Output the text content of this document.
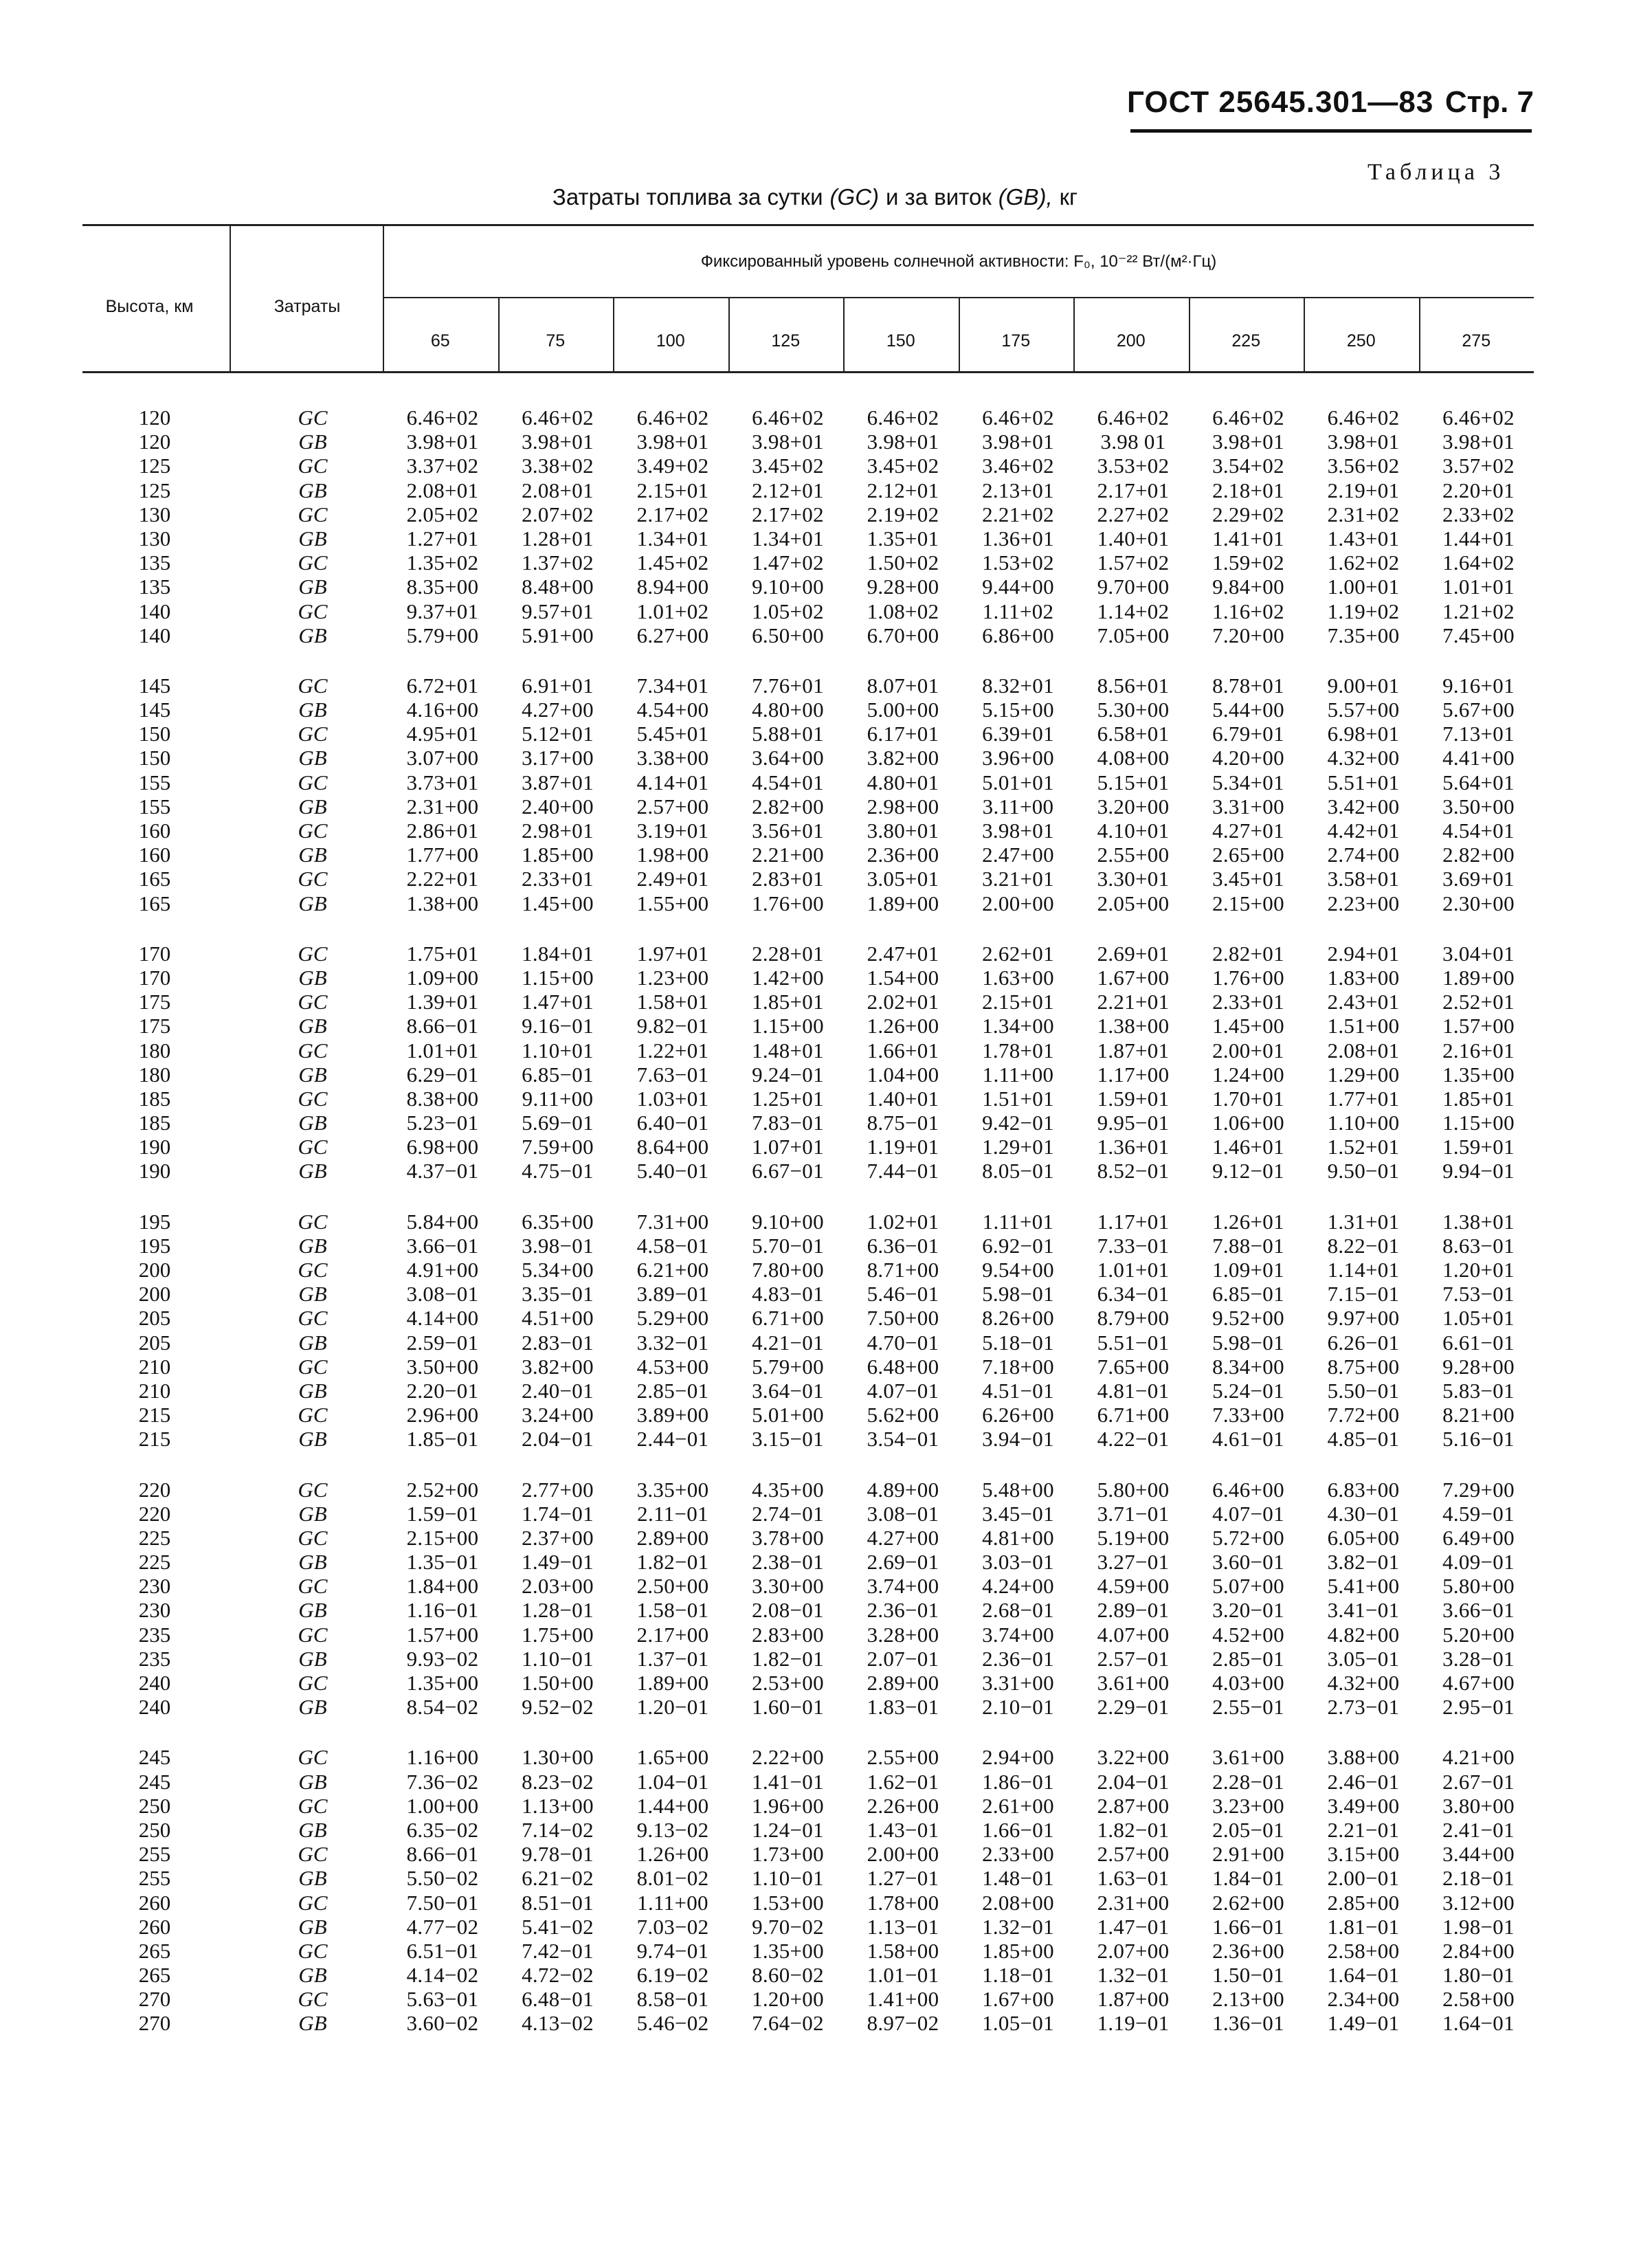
ГОСТ 25645.301—83 Стр. 7
Таблица 3
Затраты топлива за сутки (GC) и за виток (GB), кг
Высота, км	Затраты
Фиксированный уровень солнечной активности: F₀, 10⁻²² Вт/(м²·Гц)
65	75	100	125	150	175	200	225	250	275
120	GC	6.46+02	6.46+02	6.46+02	6.46+02	6.46+02	6.46+02	6.46+02	6.46+02	6.46+02	6.46+02
120	GB	3.98+01	3.98+01	3.98+01	3.98+01	3.98+01	3.98+01	3.98 01	3.98+01	3.98+01	3.98+01
125	GC	3.37+02	3.38+02	3.49+02	3.45+02	3.45+02	3.46+02	3.53+02	3.54+02	3.56+02	3.57+02
125	GB	2.08+01	2.08+01	2.15+01	2.12+01	2.12+01	2.13+01	2.17+01	2.18+01	2.19+01	2.20+01
130	GC	2.05+02	2.07+02	2.17+02	2.17+02	2.19+02	2.21+02	2.27+02	2.29+02	2.31+02	2.33+02
130	GB	1.27+01	1.28+01	1.34+01	1.34+01	1.35+01	1.36+01	1.40+01	1.41+01	1.43+01	1.44+01
135	GC	1.35+02	1.37+02	1.45+02	1.47+02	1.50+02	1.53+02	1.57+02	1.59+02	1.62+02	1.64+02
135	GB	8.35+00	8.48+00	8.94+00	9.10+00	9.28+00	9.44+00	9.70+00	9.84+00	1.00+01	1.01+01
140	GC	9.37+01	9.57+01	1.01+02	1.05+02	1.08+02	1.11+02	1.14+02	1.16+02	1.19+02	1.21+02
140	GB	5.79+00	5.91+00	6.27+00	6.50+00	6.70+00	6.86+00	7.05+00	7.20+00	7.35+00	7.45+00
145	GC	6.72+01	6.91+01	7.34+01	7.76+01	8.07+01	8.32+01	8.56+01	8.78+01	9.00+01	9.16+01
145	GB	4.16+00	4.27+00	4.54+00	4.80+00	5.00+00	5.15+00	5.30+00	5.44+00	5.57+00	5.67+00
150	GC	4.95+01	5.12+01	5.45+01	5.88+01	6.17+01	6.39+01	6.58+01	6.79+01	6.98+01	7.13+01
150	GB	3.07+00	3.17+00	3.38+00	3.64+00	3.82+00	3.96+00	4.08+00	4.20+00	4.32+00	4.41+00
155	GC	3.73+01	3.87+01	4.14+01	4.54+01	4.80+01	5.01+01	5.15+01	5.34+01	5.51+01	5.64+01
155	GB	2.31+00	2.40+00	2.57+00	2.82+00	2.98+00	3.11+00	3.20+00	3.31+00	3.42+00	3.50+00
160	GC	2.86+01	2.98+01	3.19+01	3.56+01	3.80+01	3.98+01	4.10+01	4.27+01	4.42+01	4.54+01
160	GB	1.77+00	1.85+00	1.98+00	2.21+00	2.36+00	2.47+00	2.55+00	2.65+00	2.74+00	2.82+00
165	GC	2.22+01	2.33+01	2.49+01	2.83+01	3.05+01	3.21+01	3.30+01	3.45+01	3.58+01	3.69+01
165	GB	1.38+00	1.45+00	1.55+00	1.76+00	1.89+00	2.00+00	2.05+00	2.15+00	2.23+00	2.30+00
170	GC	1.75+01	1.84+01	1.97+01	2.28+01	2.47+01	2.62+01	2.69+01	2.82+01	2.94+01	3.04+01
170	GB	1.09+00	1.15+00	1.23+00	1.42+00	1.54+00	1.63+00	1.67+00	1.76+00	1.83+00	1.89+00
175	GC	1.39+01	1.47+01	1.58+01	1.85+01	2.02+01	2.15+01	2.21+01	2.33+01	2.43+01	2.52+01
175	GB	8.66−01	9.16−01	9.82−01	1.15+00	1.26+00	1.34+00	1.38+00	1.45+00	1.51+00	1.57+00
180	GC	1.01+01	1.10+01	1.22+01	1.48+01	1.66+01	1.78+01	1.87+01	2.00+01	2.08+01	2.16+01
180	GB	6.29−01	6.85−01	7.63−01	9.24−01	1.04+00	1.11+00	1.17+00	1.24+00	1.29+00	1.35+00
185	GC	8.38+00	9.11+00	1.03+01	1.25+01	1.40+01	1.51+01	1.59+01	1.70+01	1.77+01	1.85+01
185	GB	5.23−01	5.69−01	6.40−01	7.83−01	8.75−01	9.42−01	9.95−01	1.06+00	1.10+00	1.15+00
190	GC	6.98+00	7.59+00	8.64+00	1.07+01	1.19+01	1.29+01	1.36+01	1.46+01	1.52+01	1.59+01
190	GB	4.37−01	4.75−01	5.40−01	6.67−01	7.44−01	8.05−01	8.52−01	9.12−01	9.50−01	9.94−01
195	GC	5.84+00	6.35+00	7.31+00	9.10+00	1.02+01	1.11+01	1.17+01	1.26+01	1.31+01	1.38+01
195	GB	3.66−01	3.98−01	4.58−01	5.70−01	6.36−01	6.92−01	7.33−01	7.88−01	8.22−01	8.63−01
200	GC	4.91+00	5.34+00	6.21+00	7.80+00	8.71+00	9.54+00	1.01+01	1.09+01	1.14+01	1.20+01
200	GB	3.08−01	3.35−01	3.89−01	4.83−01	5.46−01	5.98−01	6.34−01	6.85−01	7.15−01	7.53−01
205	GC	4.14+00	4.51+00	5.29+00	6.71+00	7.50+00	8.26+00	8.79+00	9.52+00	9.97+00	1.05+01
205	GB	2.59−01	2.83−01	3.32−01	4.21−01	4.70−01	5.18−01	5.51−01	5.98−01	6.26−01	6.61−01
210	GC	3.50+00	3.82+00	4.53+00	5.79+00	6.48+00	7.18+00	7.65+00	8.34+00	8.75+00	9.28+00
210	GB	2.20−01	2.40−01	2.85−01	3.64−01	4.07−01	4.51−01	4.81−01	5.24−01	5.50−01	5.83−01
215	GC	2.96+00	3.24+00	3.89+00	5.01+00	5.62+00	6.26+00	6.71+00	7.33+00	7.72+00	8.21+00
215	GB	1.85−01	2.04−01	2.44−01	3.15−01	3.54−01	3.94−01	4.22−01	4.61−01	4.85−01	5.16−01
220	GC	2.52+00	2.77+00	3.35+00	4.35+00	4.89+00	5.48+00	5.80+00	6.46+00	6.83+00	7.29+00
220	GB	1.59−01	1.74−01	2.11−01	2.74−01	3.08−01	3.45−01	3.71−01	4.07−01	4.30−01	4.59−01
225	GC	2.15+00	2.37+00	2.89+00	3.78+00	4.27+00	4.81+00	5.19+00	5.72+00	6.05+00	6.49+00
225	GB	1.35−01	1.49−01	1.82−01	2.38−01	2.69−01	3.03−01	3.27−01	3.60−01	3.82−01	4.09−01
230	GC	1.84+00	2.03+00	2.50+00	3.30+00	3.74+00	4.24+00	4.59+00	5.07+00	5.41+00	5.80+00
230	GB	1.16−01	1.28−01	1.58−01	2.08−01	2.36−01	2.68−01	2.89−01	3.20−01	3.41−01	3.66−01
235	GC	1.57+00	1.75+00	2.17+00	2.83+00	3.28+00	3.74+00	4.07+00	4.52+00	4.82+00	5.20+00
235	GB	9.93−02	1.10−01	1.37−01	1.82−01	2.07−01	2.36−01	2.57−01	2.85−01	3.05−01	3.28−01
240	GC	1.35+00	1.50+00	1.89+00	2.53+00	2.89+00	3.31+00	3.61+00	4.03+00	4.32+00	4.67+00
240	GB	8.54−02	9.52−02	1.20−01	1.60−01	1.83−01	2.10−01	2.29−01	2.55−01	2.73−01	2.95−01
245	GC	1.16+00	1.30+00	1.65+00	2.22+00	2.55+00	2.94+00	3.22+00	3.61+00	3.88+00	4.21+00
245	GB	7.36−02	8.23−02	1.04−01	1.41−01	1.62−01	1.86−01	2.04−01	2.28−01	2.46−01	2.67−01
250	GC	1.00+00	1.13+00	1.44+00	1.96+00	2.26+00	2.61+00	2.87+00	3.23+00	3.49+00	3.80+00
250	GB	6.35−02	7.14−02	9.13−02	1.24−01	1.43−01	1.66−01	1.82−01	2.05−01	2.21−01	2.41−01
255	GC	8.66−01	9.78−01	1.26+00	1.73+00	2.00+00	2.33+00	2.57+00	2.91+00	3.15+00	3.44+00
255	GB	5.50−02	6.21−02	8.01−02	1.10−01	1.27−01	1.48−01	1.63−01	1.84−01	2.00−01	2.18−01
260	GC	7.50−01	8.51−01	1.11+00	1.53+00	1.78+00	2.08+00	2.31+00	2.62+00	2.85+00	3.12+00
260	GB	4.77−02	5.41−02	7.03−02	9.70−02	1.13−01	1.32−01	1.47−01	1.66−01	1.81−01	1.98−01
265	GC	6.51−01	7.42−01	9.74−01	1.35+00	1.58+00	1.85+00	2.07+00	2.36+00	2.58+00	2.84+00
265	GB	4.14−02	4.72−02	6.19−02	8.60−02	1.01−01	1.18−01	1.32−01	1.50−01	1.64−01	1.80−01
270	GC	5.63−01	6.48−01	8.58−01	1.20+00	1.41+00	1.67+00	1.87+00	2.13+00	2.34+00	2.58+00
270	GB	3.60−02	4.13−02	5.46−02	7.64−02	8.97−02	1.05−01	1.19−01	1.36−01	1.49−01	1.64−01
